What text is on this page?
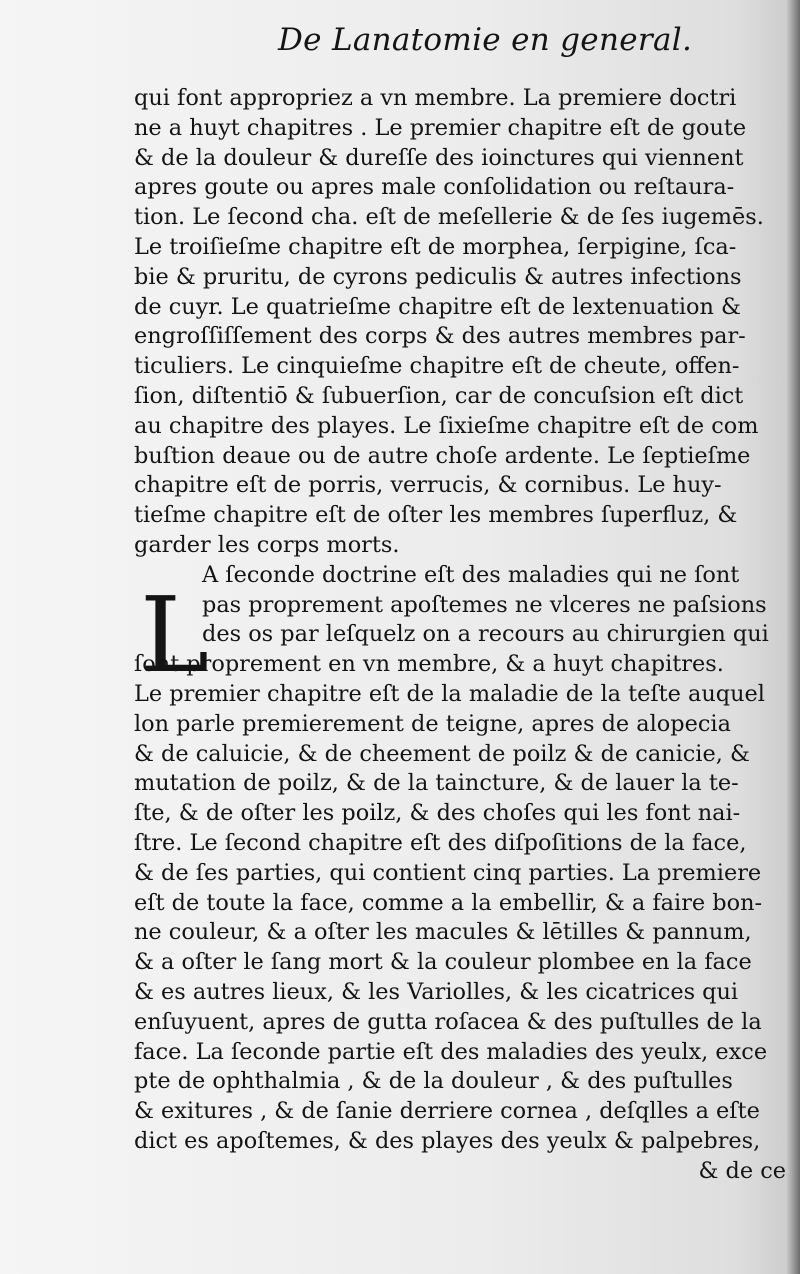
De Lanatomie en general.
L
qui font appropriez a vn membre. La premiere doctri
ne a huyt chapitres . Le premier chapitre eſt de goute
& de la douleur & dureſſe des ioinctures qui viennent
apres goute ou apres male conſolidation ou reſtaura-
tion. Le ſecond cha. eſt de meſellerie & de ſes iugemēs.
Le troiſieſme chapitre eſt de morphea, ſerpigine, ſca-
bie & pruritu, de cyrons pediculis & autres infections
de cuyr. Le quatrieſme chapitre eſt de lextenuation &
engroſſiſſement des corps & des autres membres par-
ticuliers. Le cinquieſme chapitre eſt de cheute, offen-
ſion, diſtentiō & ſubuerſion, car de concuſsion eſt dict
au chapitre des playes. Le ſixieſme chapitre eſt de com
buſtion deaue ou de autre choſe ardente. Le ſeptieſme
chapitre eſt de porris, verrucis, & cornibus. Le huy-
tieſme chapitre eſt de oſter les membres ſuperfluz, &
garder les corps morts.
A ſeconde doctrine eſt des maladies qui ne ſont
pas proprement apoſtemes ne vlceres ne paſsions
des os par leſquelz on a recours au chirurgien qui
ſont proprement en vn membre, & a huyt chapitres.
Le premier chapitre eſt de la maladie de la teſte auquel
lon parle premierement de teigne, apres de alopecia
& de caluicie, & de cheement de poilz & de canicie, &
mutation de poilz, & de la taincture, & de lauer la te-
ſte, & de oſter les poilz, & des choſes qui les font nai-
ſtre. Le ſecond chapitre eſt des diſpoſitions de la face,
& de ſes parties, qui contient cinq parties. La premiere
eſt de toute la face, comme a la embellir, & a faire bon-
ne couleur, & a oſter les macules & lētilles & pannum,
& a oſter le ſang mort & la couleur plombee en la face
& es autres lieux, & les Variolles, & les cicatrices qui
enſuyuent, apres de gutta roſacea & des puſtulles de la
face. La ſeconde partie eſt des maladies des yeulx, exce
pte de ophthalmia , & de la douleur , & des puſtulles
& exitures , & de ſanie derriere cornea , deſqlles a eſte
dict es apoſtemes, & des playes des yeulx & palpebres,
& de ce
